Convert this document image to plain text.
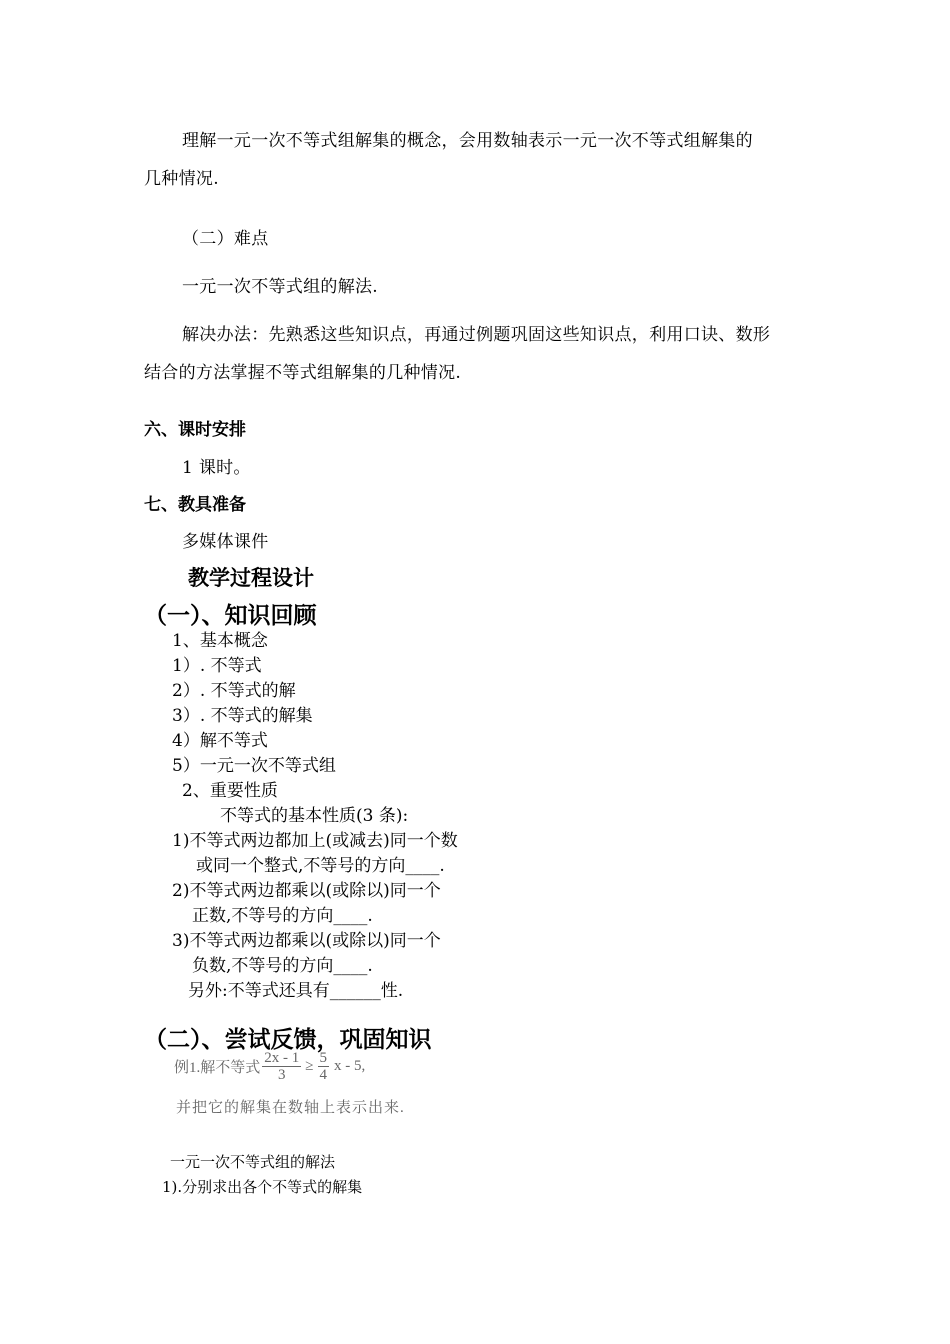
理解一元一次不等式组解集的概念，会用数轴表示一元一次不等式组解集的
几种情况.
（二）难点
一元一次不等式组的解法.
解决办法：先熟悉这些知识点，再通过例题巩固这些知识点，利用口诀、数形
结合的方法掌握不等式组解集的几种情况.
六、课时安排
1 课时。
七、教具准备
多媒体课件
教学过程设计
（一）、知识回顾
1、基本概念
1）. 不等式
2）. 不等式的解
3）. 不等式的解集
4）解不等式
5）一元一次不等式组
2、重要性质
不等式的基本性质(3 条):
1)不等式两边都加上(或减去)同一个数
或同一个整式,不等号的方向____.
2)不等式两边都乘以(或除以)同一个
正数,不等号的方向____.
3)不等式两边都乘以(或除以)同一个
负数,不等号的方向____.
另外:不等式还具有______性.
（二）、尝试反馈，巩固知识
例1.解不等式 $\frac{2x - 1}{3} \ge \frac{5}{4}$ x - 5,
并把它的解集在数轴上表示出来.
一元一次不等式组的解法
1).分别求出各个不等式的解集
